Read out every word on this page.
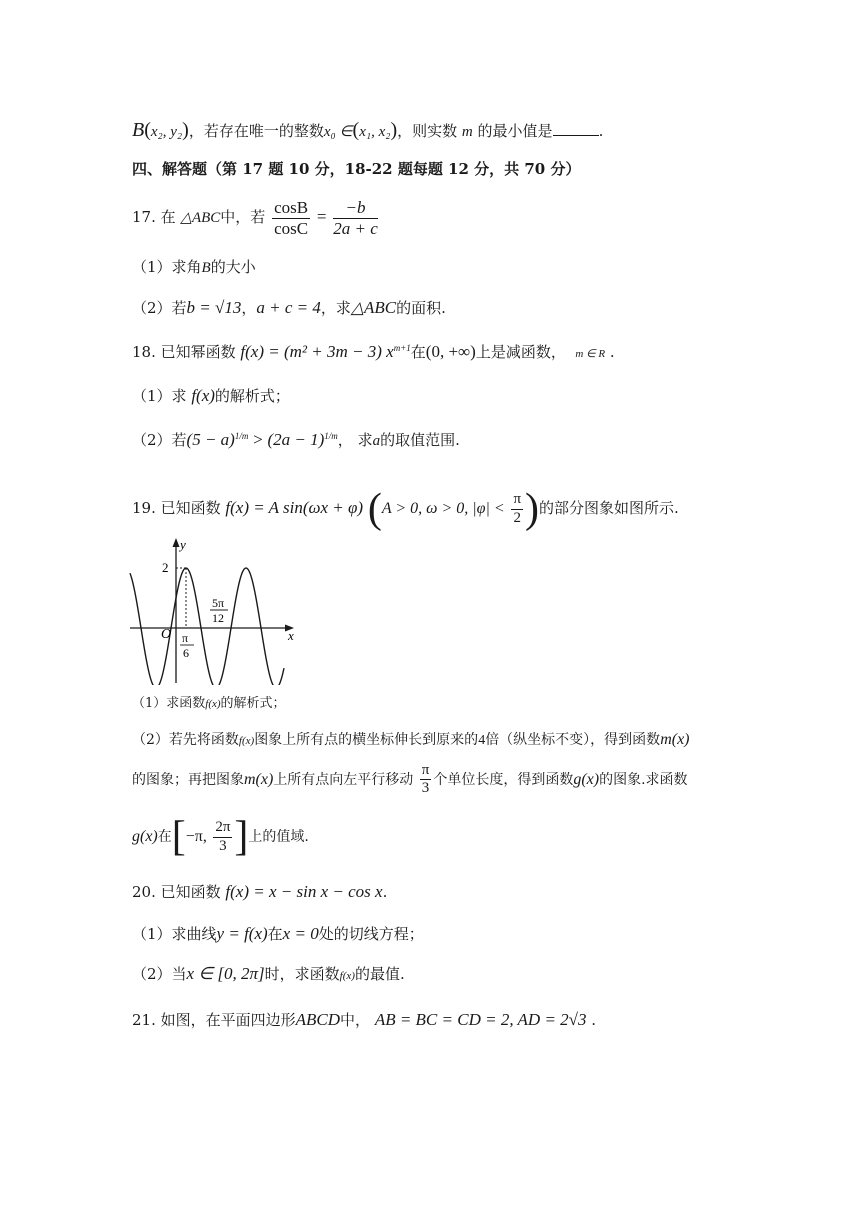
B(x₂, y₂)，若存在唯一的整数x₀ ∈(x₁, x₂)，则实数 m 的最小值是	.
四、解答题（第 17 题 10 分，18-22 题每题 12 分，共 70 分）
17. 在 △ABC中，若 $\frac{\cos B}{\cos C} = \frac{-b}{2a + c}$
（1）求角B的大小
（2）若b = √13，a + c = 4，求△ABC的面积.
18. 已知幂函数 f(x) = (m² + 3m − 3) $x^{m+1}$在(0, +∞)上是减函数， m ∈ R .
（1）求 f(x)的解析式；
（2）若$(5 - a)^{1/m} > (2a - 1)^{1/m}$， 求a的取值范围.
19. 已知函数 f(x) = A sin(ωx + φ) (A > 0, ω > 0, $|\varphi| < \frac{\pi}{2}$ )的部分图象如图所示.
y
x
O
2
π
6
5π
12
（1）求函数f(x)的解析式；
（2）若先将函数f(x)图象上所有点的横坐标伸长到原来的4倍（纵坐标不变），得到函数m(x)
的图象；再把图象m(x)上所有点向左平行移动 $\frac{\pi}{3}$ 个单位长度，得到函数g(x)的图象.求函数
g(x)在[−π, $\frac{2\pi}{3}$ ]上的值域.
20. 已知函数 f(x) = x − sin x − cos x.
（1）求曲线y = f(x)在x = 0处的切线方程；
（2）当x ∈ [0, 2π]时，求函数f(x)的最值.
21. 如图，在平面四边形ABCD中， AB = BC = CD = 2, AD = 2√3 .
